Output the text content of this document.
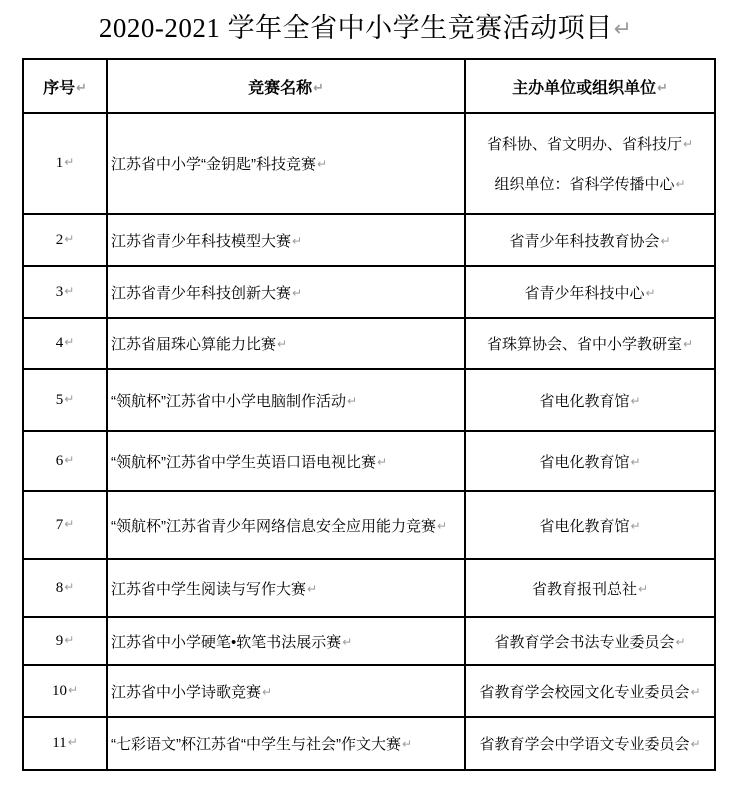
2020-2021 学年全省中小学生竞赛活动项目↵
序号↵	竞赛名称↵	主办单位或组织单位↵
1↵	江苏省中小学“金钥匙”科技竞赛↵	省科协、省文明办、省科技厅↵
组织单位：省科学传播中心↵

2↵	江苏省青少年科技模型大赛↵	省青少年科技教育协会↵
3↵	江苏省青少年科技创新大赛↵	省青少年科技中心↵
4↵	江苏省届珠心算能力比赛↵	省珠算协会、省中小学教研室↵
5↵	“领航杯”江苏省中小学电脑制作活动↵	省电化教育馆↵
6↵	“领航杯”江苏省中学生英语口语电视比赛↵	省电化教育馆↵
7↵	“领航杯”江苏省青少年网络信息安全应用能力竞赛↵	省电化教育馆↵
8↵	江苏省中学生阅读与写作大赛↵	省教育报刊总社↵
9↵	江苏省中小学硬笔•软笔书法展示赛↵	省教育学会书法专业委员会↵
10↵	江苏省中小学诗歌竞赛↵	省教育学会校园文化专业委员会↵
11↵	“七彩语文”杯江苏省“中学生与社会”作文大赛↵	省教育学会中学语文专业委员会↵
